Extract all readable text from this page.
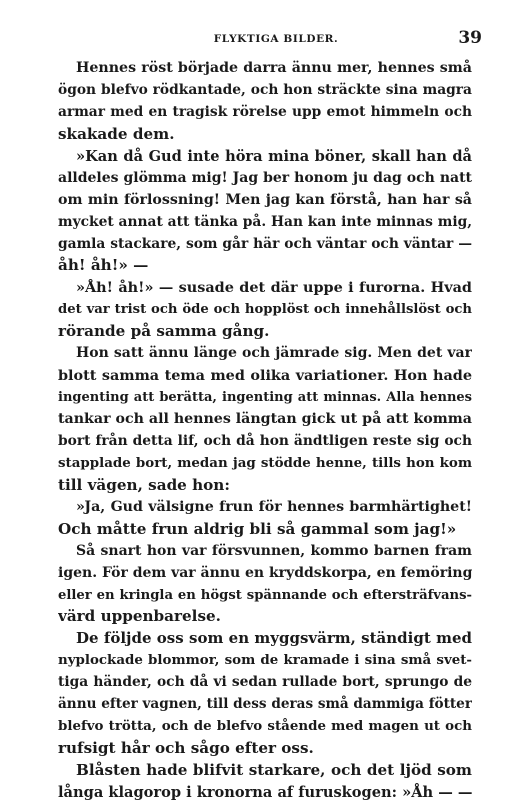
FLYKTIGA BILDER.	39
Hennes röst började darra ännu mer, hennes små
ögon blefvo rödkantade, och hon sträckte sina magra
armar med en tragisk rörelse upp emot himmeln och
skakade dem.
»Kan då Gud inte höra mina böner, skall han då
alldeles glömma mig! Jag ber honom ju dag och natt
om min förlossning! Men jag kan förstå, han har så
mycket annat att tänka på. Han kan inte minnas mig,
gamla stackare, som går här och väntar och väntar —
åh! åh!» —
»Åh! åh!» — susade det där uppe i furorna. Hvad
det var trist och öde och hopplöst och innehållslöst och
rörande på samma gång.
Hon satt ännu länge och jämrade sig. Men det var
blott samma tema med olika variationer. Hon hade
ingenting att berätta, ingenting att minnas. Alla hennes
tankar och all hennes längtan gick ut på att komma
bort från detta lif, och då hon ändtligen reste sig och
stapplade bort, medan jag stödde henne, tills hon kom
till vägen, sade hon:
»Ja, Gud välsigne frun för hennes barmhärtighet!
Och måtte frun aldrig bli så gammal som jag!»
Så snart hon var försvunnen, kommo barnen fram
igen. För dem var ännu en kryddskorpa, en femöring
eller en kringla en högst spännande och eftersträfvans-
värd uppenbarelse.
De följde oss som en myggsvärm, ständigt med
nyplockade blommor, som de kramade i sina små svet-
tiga händer, och då vi sedan rullade bort, sprungo de
ännu efter vagnen, till dess deras små dammiga fötter
blefvo trötta, och de blefvo stående med magen ut och
rufsigt hår och sågo efter oss.
Blåsten hade blifvit starkare, och det ljöd som
långa klagorop i kronorna af furuskogen: »Åh — —
